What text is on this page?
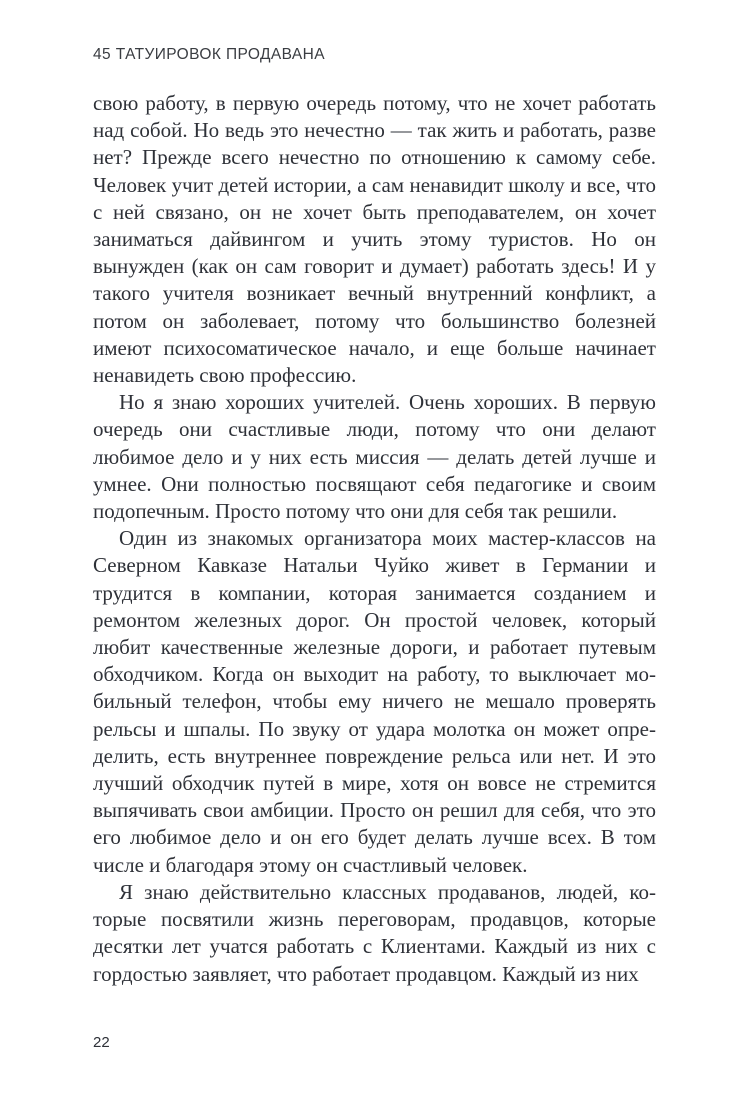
45 ТАТУИРОВОК ПРОДАВАНА

свою работу, в первую очередь потому, что не хочет работать над собой. Но ведь это нечестно — так жить и работать, разве нет? Прежде всего нечестно по отношению к самому себе. Человек учит детей истории, а сам ненавидит школу и все, что с ней связано, он не хочет быть преподавателем, он хочет заниматься дайвингом и учить этому туристов. Но он вынужден (как он сам говорит и думает) работать здесь! И у такого учителя возникает вечный внутренний конфликт, а потом он заболевает, потому что большинство болезней имеют психосоматическое начало, и еще больше начинает ненавидеть свою профессию.

Но я знаю хороших учителей. Очень хороших. В первую очередь они счастливые люди, потому что они делают любимое дело и у них есть миссия — делать детей лучше и умнее. Они полностью посвящают себя педагогике и своим подопечным. Просто потому что они для себя так решили.

Один из знакомых организатора моих мастер-классов на Северном Кавказе Натальи Чуйко живет в Германии и трудится в компании, которая занимается созданием и ремонтом железных дорог. Он простой человек, который любит качественные железные дороги, и работает путевым обходчиком. Когда он выходит на работу, то выключает мобильный телефон, чтобы ему ничего не мешало проверять рельсы и шпалы. По звуку от удара молотка он может определить, есть внутреннее повреждение рельса или нет. И это лучший обходчик путей в мире, хотя он вовсе не стремится выпячивать свои амбиции. Просто он решил для себя, что это его любимое дело и он его будет делать лучше всех. В том числе и благодаря этому он счастливый человек.

Я знаю действительно классных продаванов, людей, которые посвятили жизнь переговорам, продавцов, которые десятки лет учатся работать с Клиентами. Каждый из них с гордостью заявляет, что работает продавцом. Каждый из них

22
